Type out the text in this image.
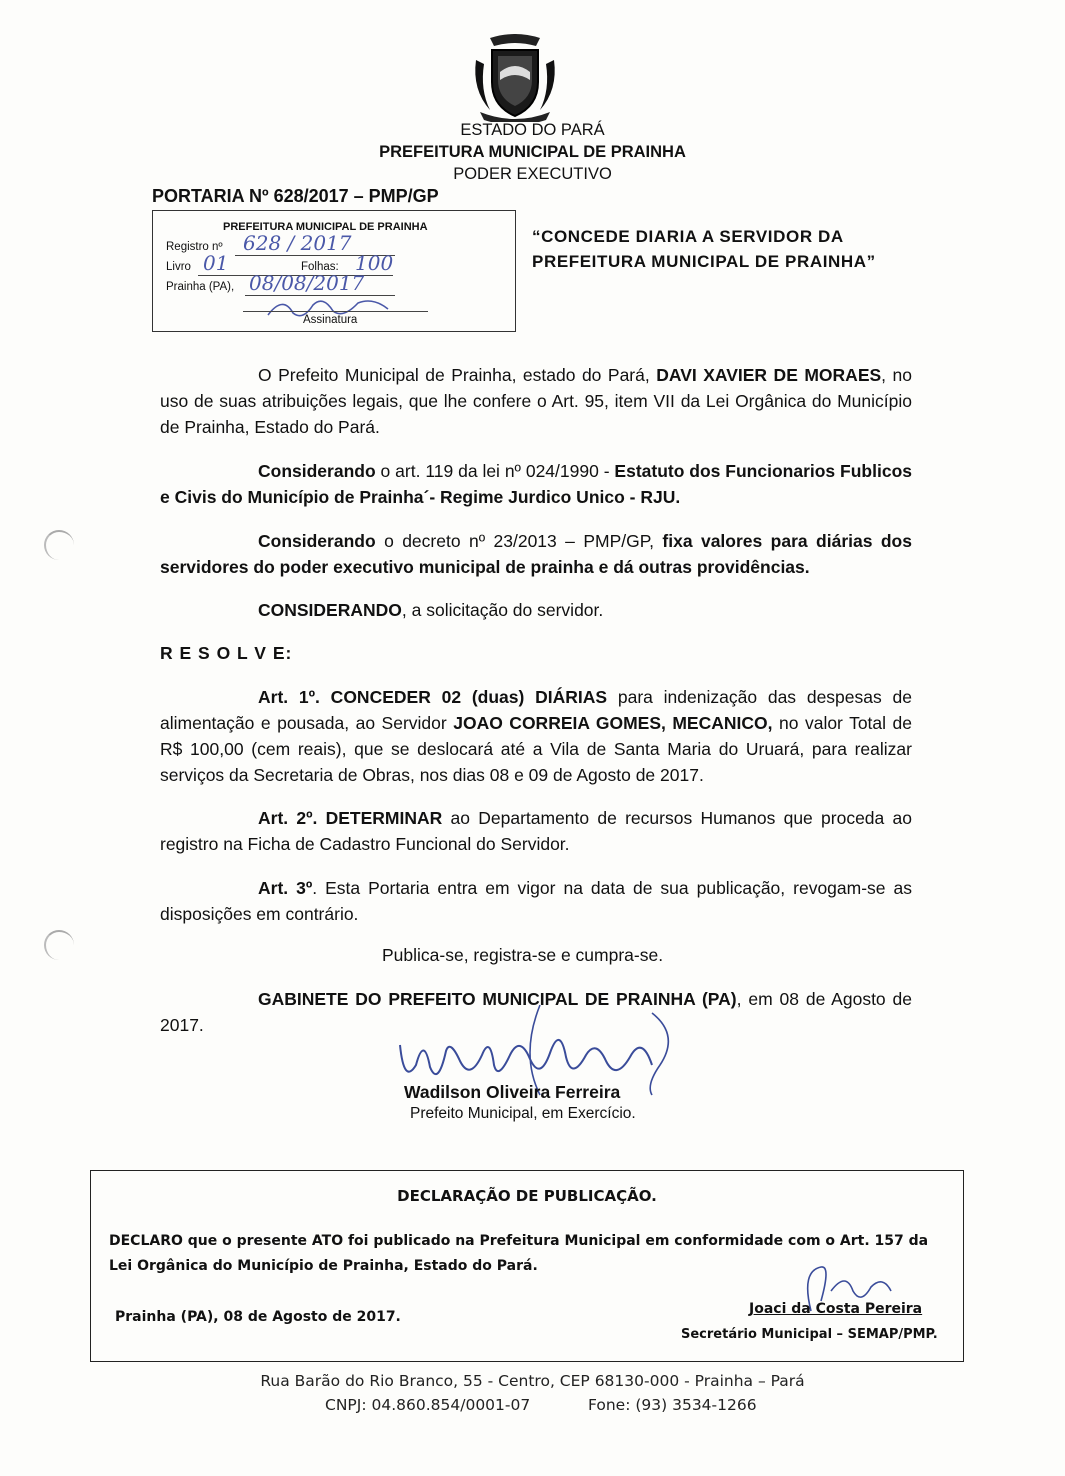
ESTADO DO PARÁ
PREFEITURA MUNICIPAL DE PRAINHA
PODER EXECUTIVO
PORTARIA Nº 628/2017 – PMP/GP
PREFEITURA MUNICIPAL DE PRAINHA
Registro nº 628 / 2017
Livro 01	Folhas: 100
Prainha (PA), 08/08/2017
Assinatura
“CONCEDE DIARIA A SERVIDOR DA
PREFEITURA MUNICIPAL DE PRAINHA”
O Prefeito Municipal de Prainha, estado do Pará, DAVI XAVIER DE MORAES, no uso de suas atribuições legais, que lhe confere o Art. 95, item VII da Lei Orgânica do Município de Prainha, Estado do Pará.
Considerando o art. 119 da lei nº 024/1990 - Estatuto dos Funcionarios Fublicos e Civis do Município de Prainha´- Regime Jurdico Unico - RJU.
Considerando o decreto nº 23/2013 – PMP/GP, fixa valores para diárias dos servidores do poder executivo municipal de prainha e dá outras providências.
CONSIDERANDO, a solicitação do servidor.
R E S O L V E:
Art. 1º. CONCEDER 02 (duas) DIÁRIAS para indenização das despesas de alimentação e pousada, ao Servidor JOAO CORREIA GOMES, MECANICO, no valor Total de R$ 100,00 (cem reais), que se deslocará até a Vila de Santa Maria do Uruará, para realizar serviços da Secretaria de Obras, nos dias 08 e 09 de Agosto de 2017.
Art. 2º. DETERMINAR ao Departamento de recursos Humanos que proceda ao registro na Ficha de Cadastro Funcional do Servidor.
Art. 3º. Esta Portaria entra em vigor na data de sua publicação, revogam-se as disposições em contrário.
Publica-se, registra-se e cumpra-se.
GABINETE DO PREFEITO MUNICIPAL DE PRAINHA (PA), em 08 de Agosto de 2017.
Wadilson Oliveira Ferreira
Prefeito Municipal, em Exercício.
DECLARAÇÃO DE PUBLICAÇÃO.
DECLARO que o presente ATO foi publicado na Prefeitura Municipal em conformidade com o Art. 157 da Lei Orgânica do Município de Prainha, Estado do Pará.
Prainha (PA), 08 de Agosto de 2017.	Joaci da Costa Pereira
Secretário Municipal – SEMAP/PMP.
Rua Barão do Rio Branco, 55 - Centro, CEP 68130-000 - Prainha – Pará
CNPJ: 04.860.854/0001-07	Fone: (93) 3534-1266
